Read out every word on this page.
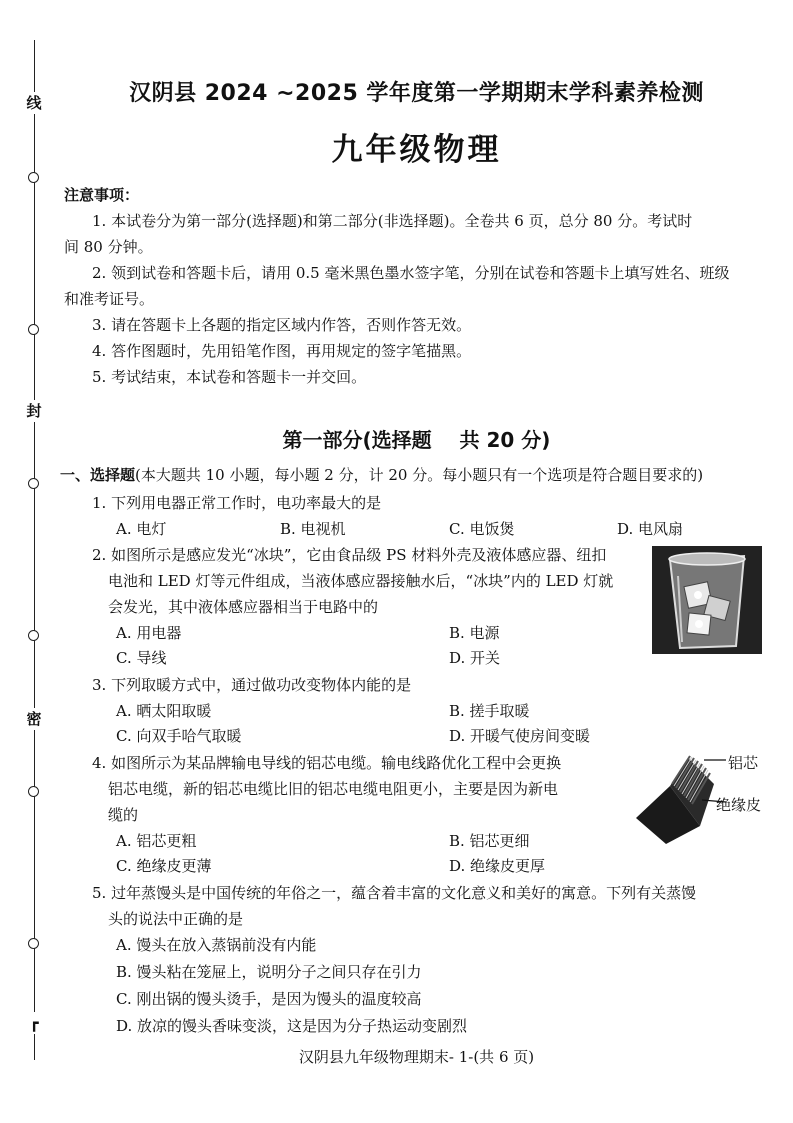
线
封
密
┏
汉阴县 2024 ~2025 学年度第一学期期末学科素养检测
九年级物理
注意事项：
1. 本试卷分为第一部分(选择题)和第二部分(非选择题)。全卷共 6 页，总分 80 分。考试时
间 80 分钟。
2. 领到试卷和答题卡后，请用 0.5 毫米黑色墨水签字笔，分别在试卷和答题卡上填写姓名、班级
和准考证号。
3. 请在答题卡上各题的指定区域内作答，否则作答无效。
4. 答作图题时，先用铅笔作图，再用规定的签字笔描黑。
5. 考试结束，本试卷和答题卡一并交回。
第一部分(选择题    共 20 分)
一、选择题(本大题共 10 小题，每小题 2 分，计 20 分。每小题只有一个选项是符合题目要求的)
1. 下列用电器正常工作时，电功率最大的是
A. 电灯	B. 电视机	C. 电饭煲	D. 电风扇
2. 如图所示是感应发光“冰块”，它由食品级 PS 材料外壳及液体感应器、纽扣
电池和 LED 灯等元件组成，当液体感应器接触水后，“冰块”内的 LED 灯就
会发光，其中液体感应器相当于电路中的
A. 用电器	B. 电源
C. 导线	D. 开关
3. 下列取暖方式中，通过做功改变物体内能的是
A. 晒太阳取暖	B. 搓手取暖
C. 向双手哈气取暖	D. 开暖气使房间变暖
4. 如图所示为某品牌输电导线的铝芯电缆。输电线路优化工程中会更换
铝芯电缆，新的铝芯电缆比旧的铝芯电缆电阻更小，主要是因为新电
缆的
A. 铝芯更粗	B. 铝芯更细
C. 绝缘皮更薄	D. 绝缘皮更厚
铝芯
绝缘皮
5. 过年蒸馒头是中国传统的年俗之一，蕴含着丰富的文化意义和美好的寓意。下列有关蒸馒
头的说法中正确的是
A. 馒头在放入蒸锅前没有内能
B. 馒头粘在笼屉上，说明分子之间只存在引力
C. 刚出锅的馒头烫手，是因为馒头的温度较高
D. 放凉的馒头香味变淡，这是因为分子热运动变剧烈
汉阴县九年级物理期末- 1-(共 6 页)
